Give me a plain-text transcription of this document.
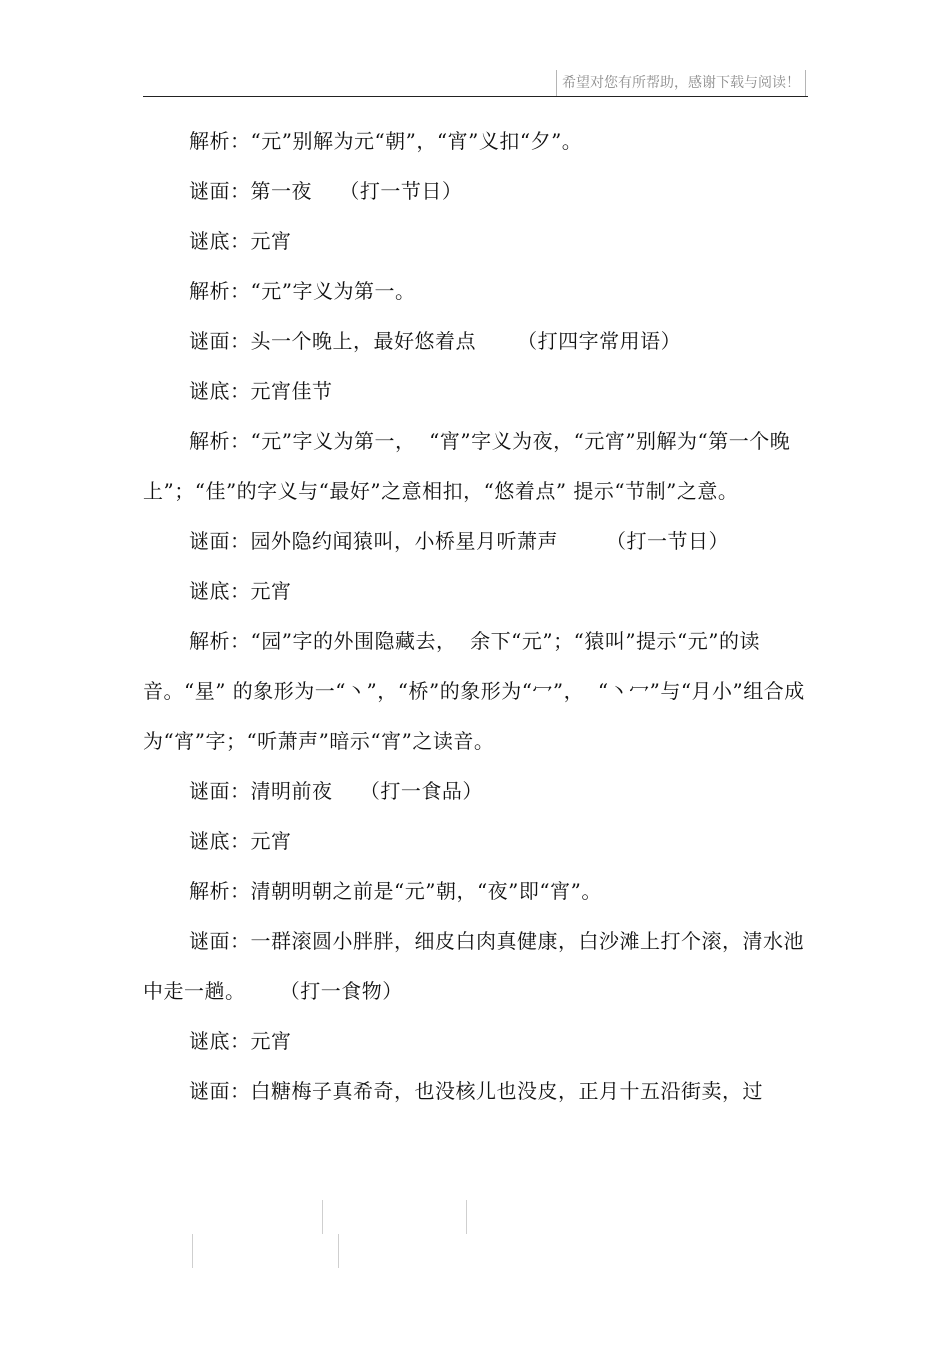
希望对您有所帮助，感谢下载与阅读！

解析：“元”别解为元“朝”，“宵”义扣“夕”。

谜面：第一夜    （打一节日）

谜底：元宵

解析：“元”字义为第一。

谜面：头一个晚上，最好悠着点      （打四字常用语）

谜底：元宵佳节

解析：“元”字义为第一，  “宵”字义为夜，“元宵”别解为“第一个晚上”；“佳”的字义与“最好”之意相扣，“悠着点” 提示“节制”之意。

谜面：园外隐约闻猿叫，小桥星月听萧声       （打一节日）

谜底：元宵

解析：“园”字的外围隐藏去，  余下“元”；“猿叫”提示“元”的读音。“星” 的象形为一“丶”，“桥”的象形为“冖”，  “丶冖”与“月小”组合成为“宵”字；“听萧声”暗示“宵”之读音。

谜面：清明前夜    （打一食品）

谜底：元宵

解析：清朝明朝之前是“元”朝，“夜”即“宵”。

谜面：一群滚圆小胖胖，细皮白肉真健康，白沙滩上打个滚，清水池中走一趟。     （打一食物）

谜底：元宵

谜面：白糖梅子真希奇，也没核儿也没皮，正月十五沿街卖，过
